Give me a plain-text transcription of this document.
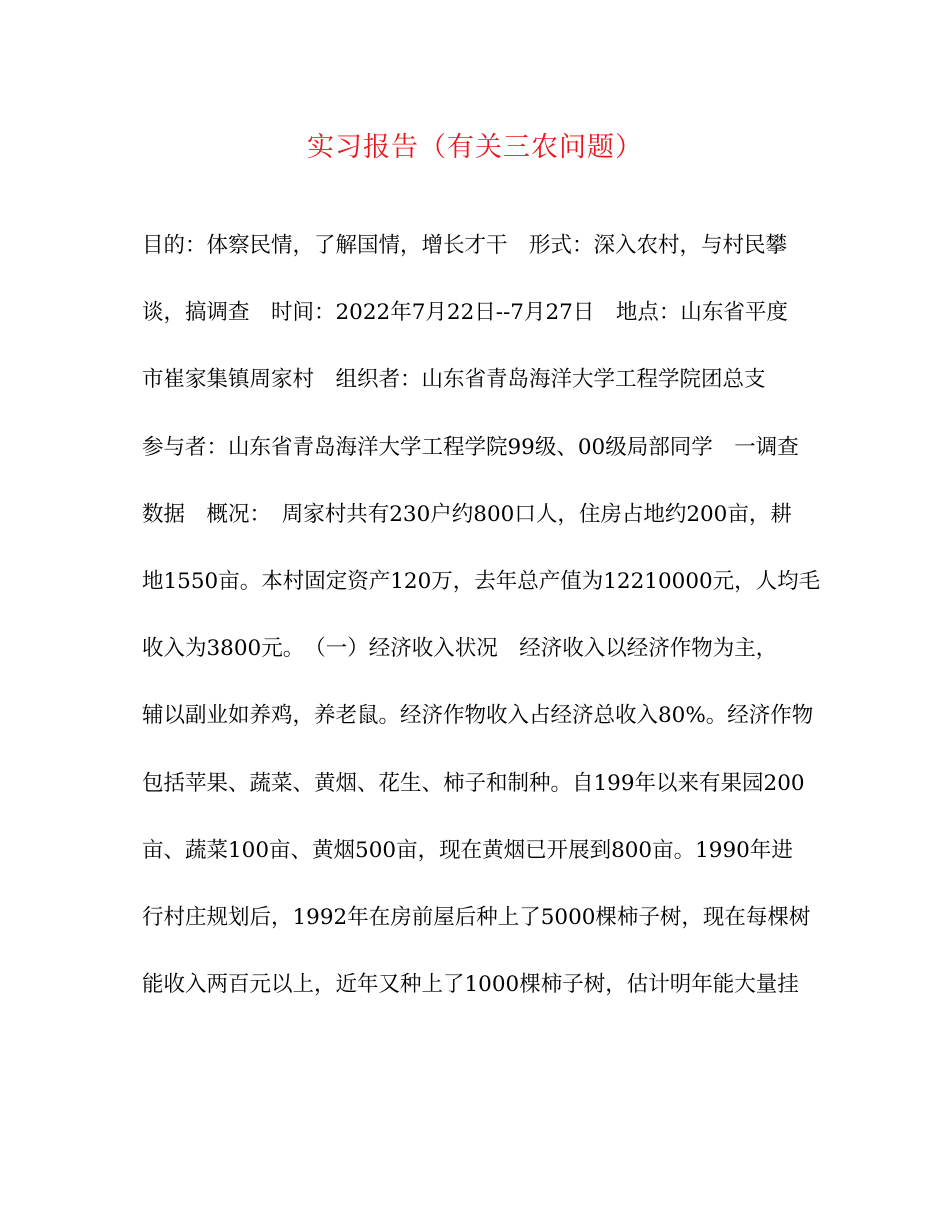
实习报告（有关三农问题）
目的：体察民情，了解国情，增长才干　形式：深入农村，与村民攀
谈，搞调查　时间：2022年7月22日--7月27日　地点：山东省平度
市崔家集镇周家村　组织者：山东省青岛海洋大学工程学院团总支
参与者：山东省青岛海洋大学工程学院99级、00级局部同学　一调查
数据　概况：　周家村共有230户约800口人，住房占地约200亩，耕
地1550亩。本村固定资产120万，去年总产值为12210000元，人均毛
收入为3800元。　（一）经济收入状况　经济收入以经济作物为主，
辅以副业如养鸡，养老鼠。经济作物收入占经济总收入80%。经济作物
包括苹果、蔬菜、黄烟、花生、柿子和制种。自199年以来有果园200
亩、蔬菜100亩、黄烟500亩，现在黄烟已开展到800亩。1990年进
行村庄规划后，1992年在房前屋后种上了5000棵柿子树，现在每棵树
能收入两百元以上，近年又种上了1000棵柿子树，估计明年能大量挂
